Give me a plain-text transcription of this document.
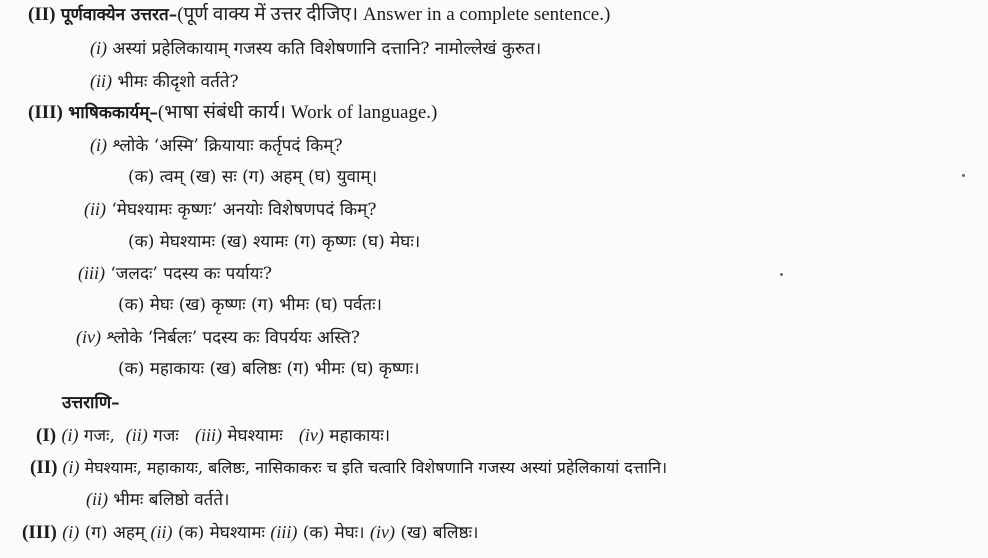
(II) पूर्णवाक्येन उत्तरत–(पूर्ण वाक्य में उत्तर दीजिए। Answer in a complete sentence.)
(i) अस्यां प्रहेलिकायाम् गजस्य कति विशेषणानि दत्तानि? नामोल्लेखं कुरुत।
(ii) भीमः कीदृशो वर्तते?
(III) भाषिककार्यम्–(भाषा संबंधी कार्य। Work of language.)
(i) श्लोके ‘अस्मि’ क्रियायाः कर्तृपदं किम्?
(क) त्वम् (ख) सः (ग) अहम् (घ) युवाम्।
(ii) ‘मेघश्यामः कृष्णः’ अनयोः विशेषणपदं किम्?
(क) मेघश्यामः (ख) श्यामः (ग) कृष्णः (घ) मेघः।
(iii) ‘जलदः’ पदस्य कः पर्यायः?
(क) मेघः (ख) कृष्णः (ग) भीमः (घ) पर्वतः।
(iv) श्लोके ‘निर्बलः’ पदस्य कः विपर्ययः अस्ति?
(क) महाकायः (ख) बलिष्ठः (ग) भीमः (घ) कृष्णः।
उत्तराणि–
(I) (i) गजः, (ii) गजः (iii) मेघश्यामः (iv) महाकायः।
(II) (i) मेघश्यामः, महाकायः, बलिष्ठः, नासिकाकरः च इति चत्वारि विशेषणानि गजस्य अस्यां प्रहेलिकायां दत्तानि।
(ii) भीमः बलिष्ठो वर्तते।
(III) (i) (ग) अहम् (ii) (क) मेघश्यामः (iii) (क) मेघः। (iv) (ख) बलिष्ठः।
